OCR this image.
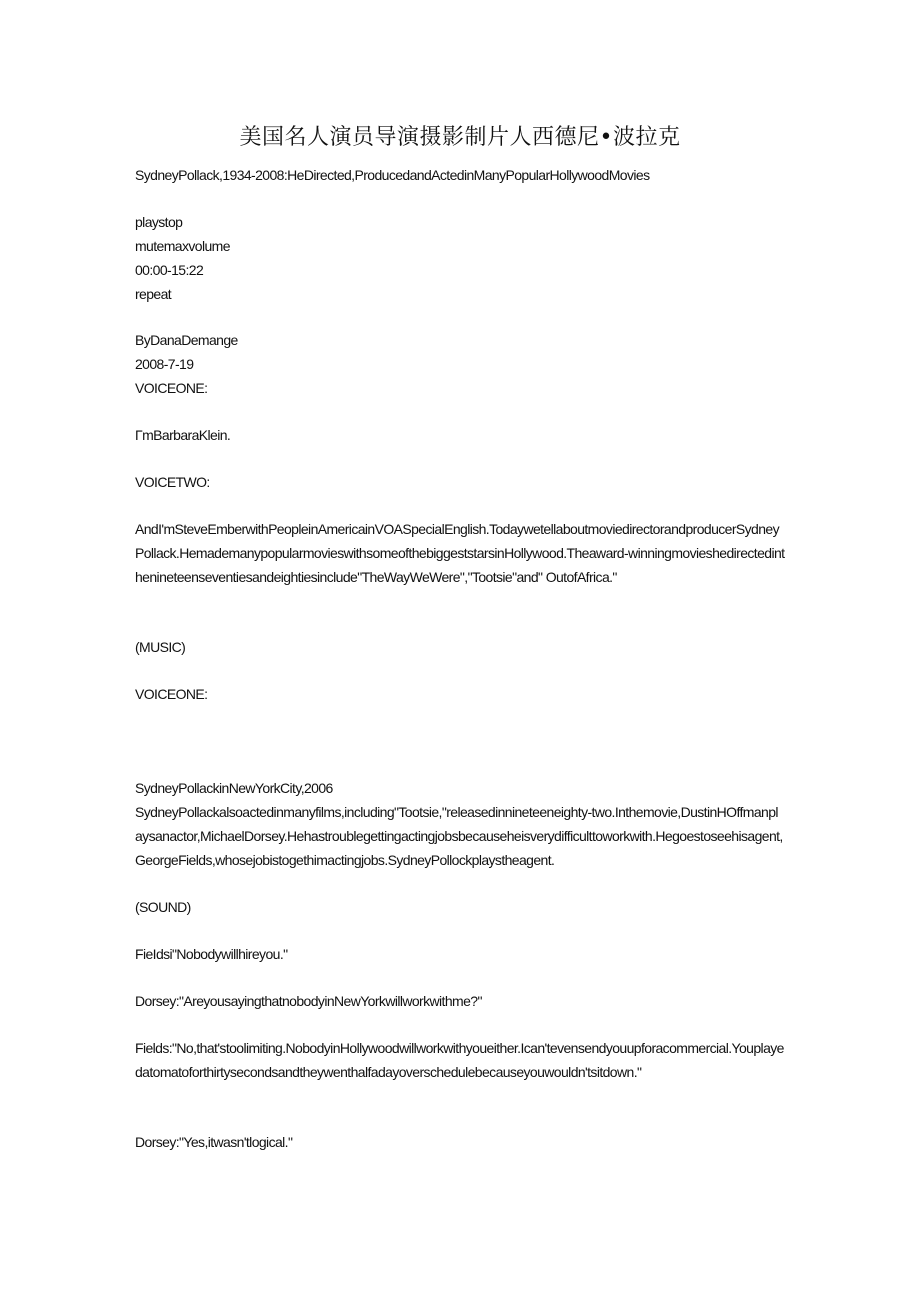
美国名人演员导演摄影制片人西德尼•波拉克
SydneyPollack,1934-2008:HeDirected,ProducedandActedinManyPopularHollywoodMovies
playstop
mutemaxvolume
00:00-15:22
repeat
ByDanaDemange
2008-7-19
VOICEONE:
ΓmBarbaraKlein.
VOICETWO:
AndI'mSteveEmberwithPeopleinAmericainVOASpecialEnglish.TodaywetellaboutmoviedirectorandproducerSydneyPollack.HemademanypopularmovieswithsomeofthebiggeststarsinHollywood.Theaward-winningmovieshedirectedinthenineteenseventiesandeightiesinclude"TheWayWeWere","Tootsie"and" OutofAfrica."
(MUSIC)
VOICEONE:
SydneyPollackinNewYorkCity,2006
SydneyPollackalsoactedinmanyfilms,including"Tootsie,"releasedinnineteeneighty-two.Inthemovie,DustinHOffmanplaysanactor,MichaelDorsey.Hehastroublegettingactingjobsbecauseheisverydifficulttoworkwith.Hegoestoseehisagent,GeorgeFields,whosejobistogethimactingjobs.SydneyPollockplaystheagent.
(SOUND)
FieIdsi"Nobodywillhireyou."
Dorsey:"AreyousayingthatnobodyinNewYorkwillworkwithme?"
Fields:"No,that'stoolimiting.NobodyinHollywoodwillworkwithyoueither.Ican'tevensendyouupforacommercial.Youplayedatomatoforthirtysecondsandtheywenthalfadayoverschedulebecauseyouwouldn'tsitdown."
Dorsey:"Yes,itwasn'tlogical."
